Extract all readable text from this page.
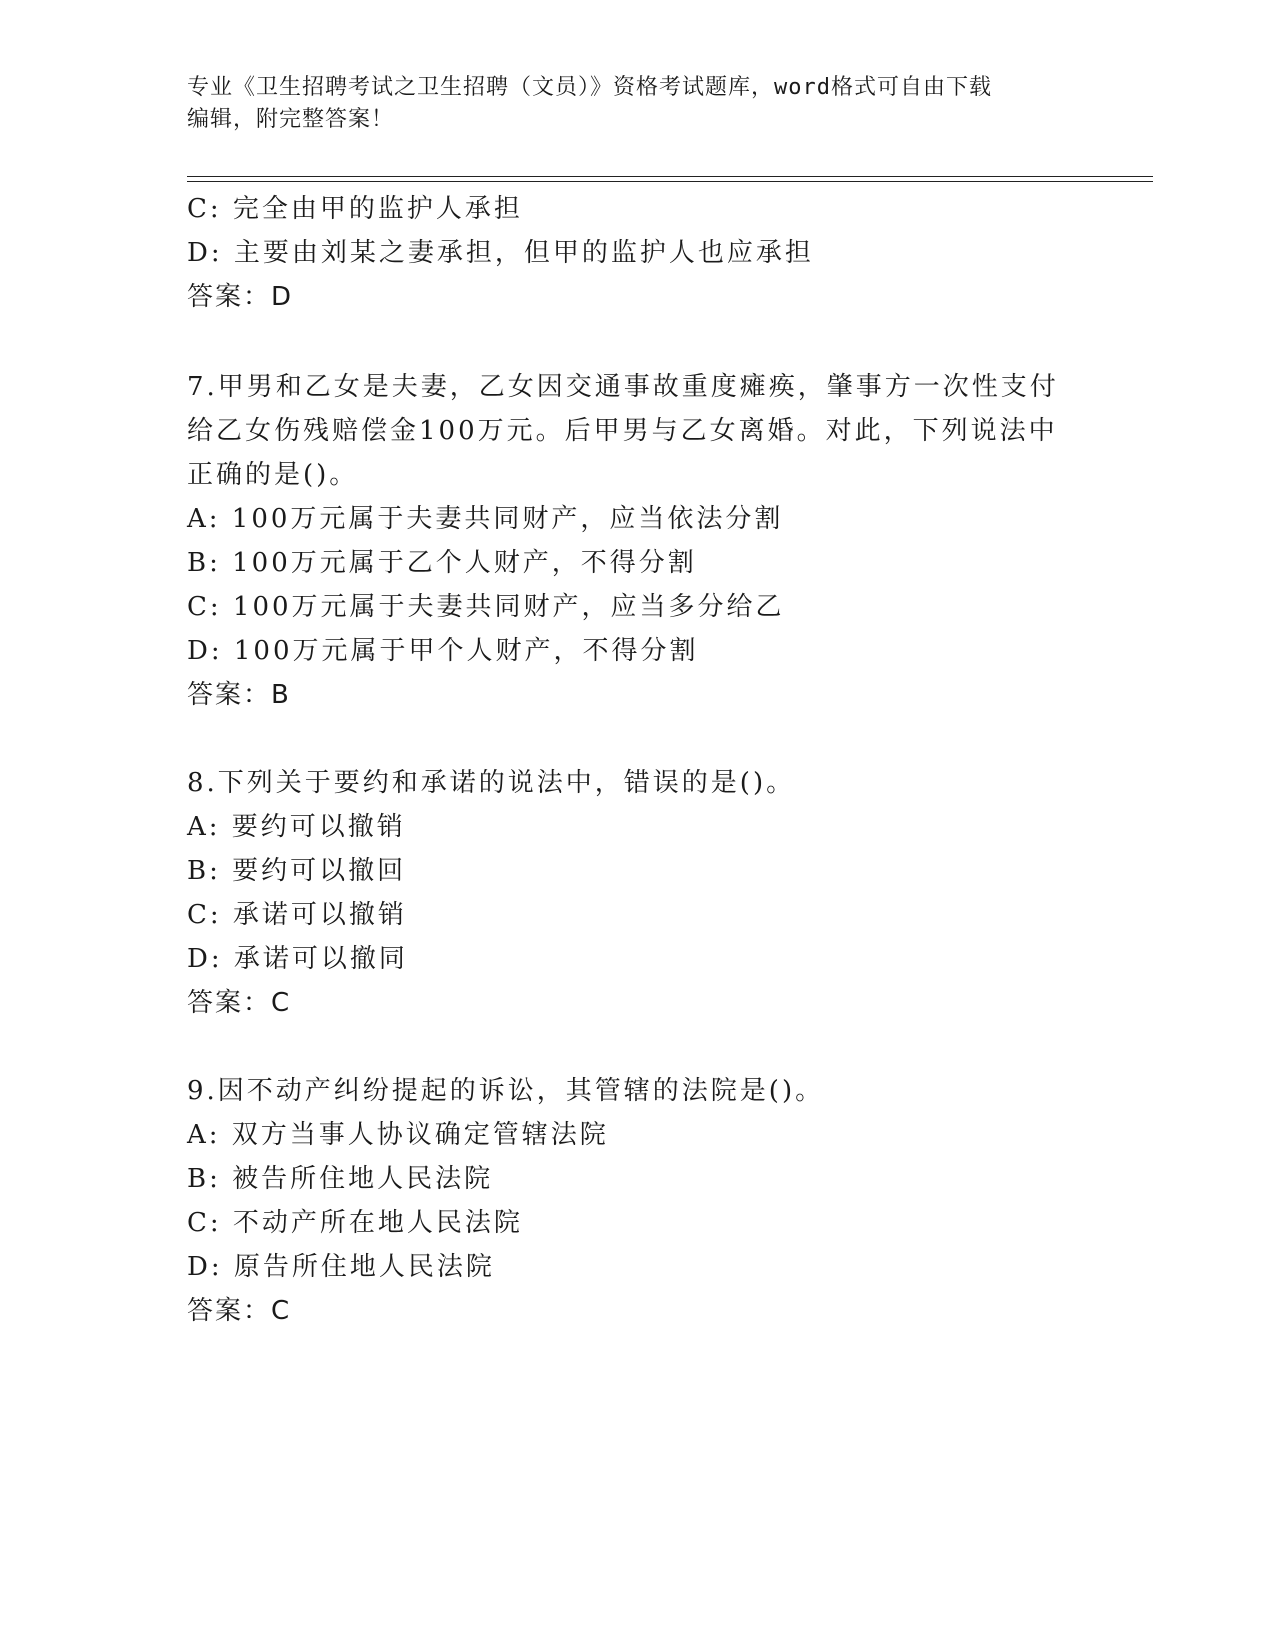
专业《卫生招聘考试之卫生招聘（文员）》资格考试题库，word格式可自由下载
编辑，附完整答案！
C: 完全由甲的监护人承担
D: 主要由刘某之妻承担，但甲的监护人也应承担
答案：D
7.甲男和乙女是夫妻，乙女因交通事故重度瘫痪，肇事方一次性支付
给乙女伤残赔偿金100万元。后甲男与乙女离婚。对此，下列说法中
正确的是()。
A: 100万元属于夫妻共同财产，应当依法分割
B: 100万元属于乙个人财产，不得分割
C: 100万元属于夫妻共同财产，应当多分给乙
D: 100万元属于甲个人财产，不得分割
答案：B
8.下列关于要约和承诺的说法中，错误的是()。
A: 要约可以撤销
B: 要约可以撤回
C: 承诺可以撤销
D: 承诺可以撤同
答案：C
9.因不动产纠纷提起的诉讼，其管辖的法院是()。
A: 双方当事人协议确定管辖法院
B: 被告所住地人民法院
C: 不动产所在地人民法院
D: 原告所住地人民法院
答案：C
